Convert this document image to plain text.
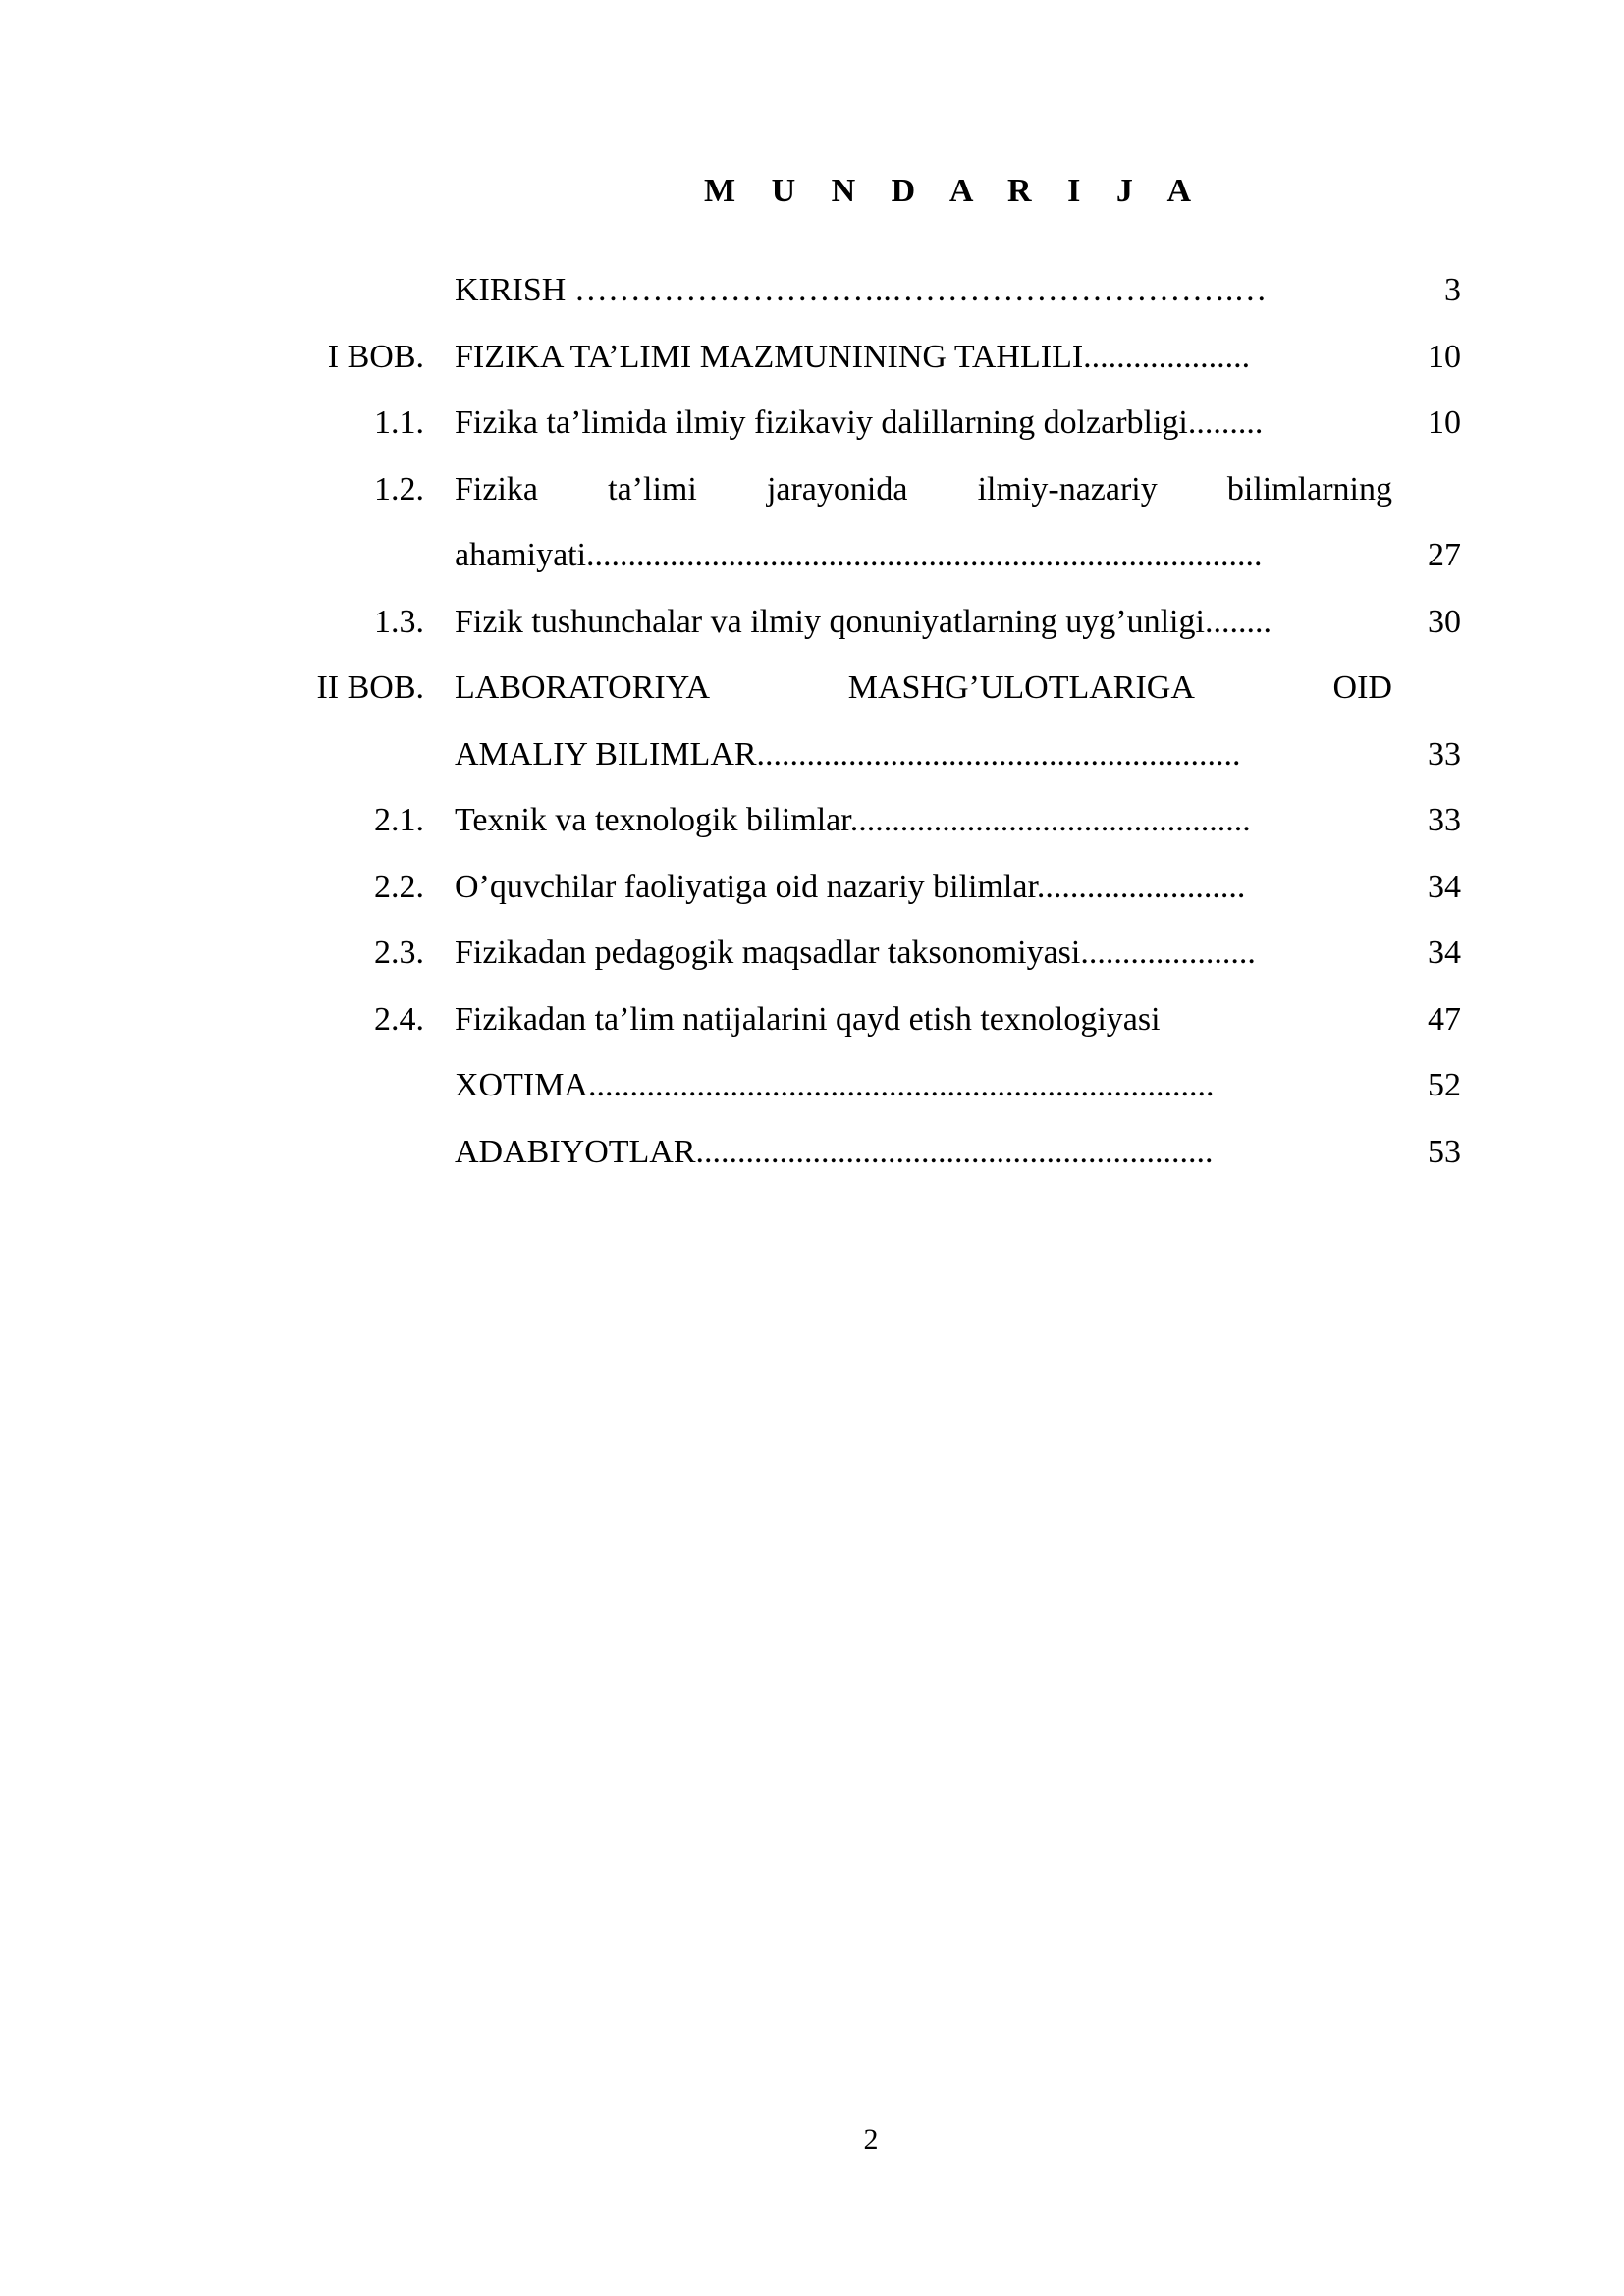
M U N D A R I J A
KIRISH ………………………..………………………….…	3
I BOB. FIZIKA TA’LIMI MAZMUNINING TAHLILI....................	10
1.1. Fizika ta’limida ilmiy fizikaviy dalillarning dolzarbligi.........	10
1.2. Fizika ta’limi jarayonida ilmiy-nazariy bilimlarning
ahamiyati.................................................................................	27
1.3. Fizik tushunchalar va ilmiy qonuniyatlarning uyg’unligi........	30
II BOB. LABORATORIYA MASHG’ULOTLARIGA OID
AMALIY BILIMLAR..........................................................	33
2.1. Texnik va texnologik bilimlar................................................	33
2.2. O’quvchilar faoliyatiga oid nazariy bilimlar.........................	34
2.3. Fizikadan pedagogik maqsadlar taksonomiyasi.....................	34
2.4. Fizikadan ta’lim natijalarini qayd etish texnologiyasi	47
XOTIMA...........................................................................	52
ADABIYOTLAR..............................................................	53
2
